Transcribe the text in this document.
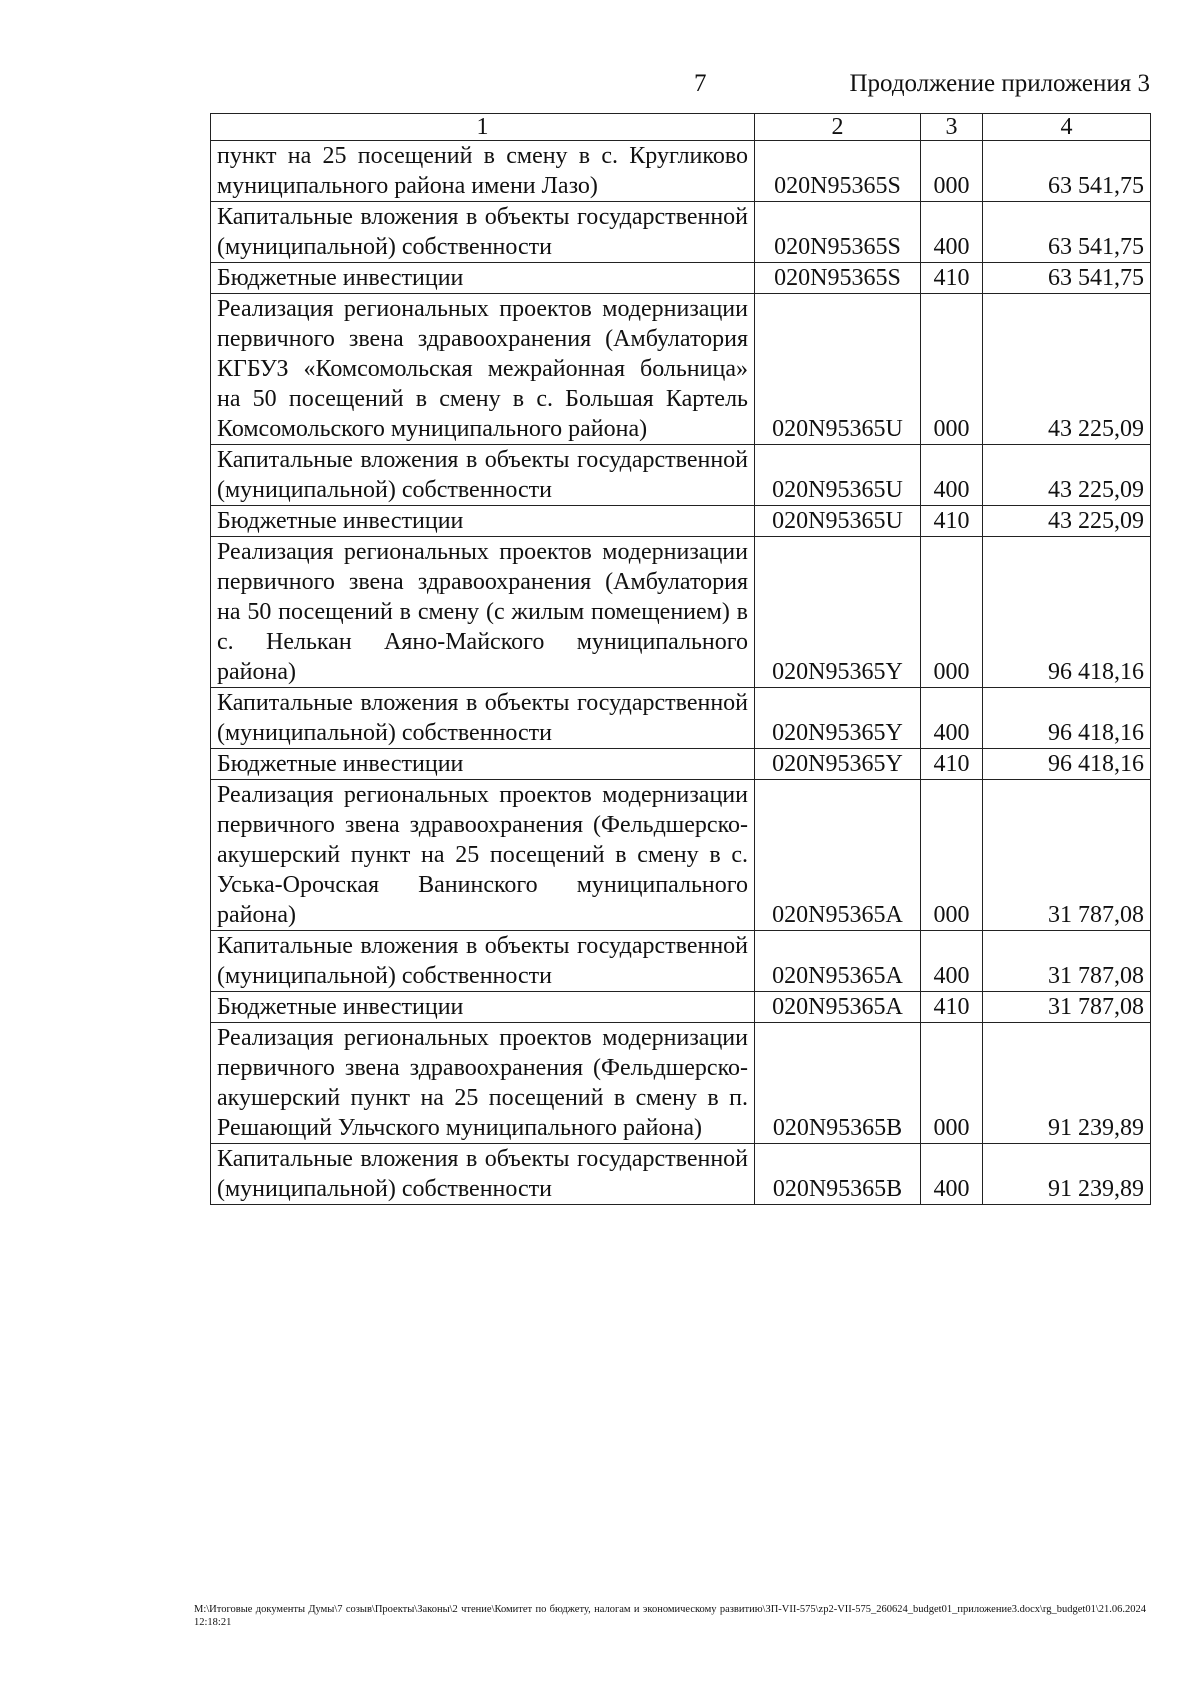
7	Продолжение приложения 3
1	2	3	4
пункт на 25 посещений в смену в с. Кругликово муниципального района имени Лазо)	020N95365S	000	63 541,75
Капитальные вложения в объекты государственной (муниципальной) собственности	020N95365S	400	63 541,75
Бюджетные инвестиции	020N95365S	410	63 541,75
Реализация региональных проектов модернизации первичного звена здравоохранения (Амбулатория КГБУЗ «Комсомольская межрайонная больница» на 50 посещений в смену в с. Большая Картель Комсомольского муниципального района)	020N95365U	000	43 225,09
Капитальные вложения в объекты государственной (муниципальной) собственности	020N95365U	400	43 225,09
Бюджетные инвестиции	020N95365U	410	43 225,09
Реализация региональных проектов модернизации первичного звена здравоохранения (Амбулатория на 50 посещений в смену (с жилым помещением) в с. Нелькан Аяно-Майского муниципального района)	020N95365Y	000	96 418,16
Капитальные вложения в объекты государственной (муниципальной) собственности	020N95365Y	400	96 418,16
Бюджетные инвестиции	020N95365Y	410	96 418,16
Реализация региональных проектов модернизации первичного звена здравоохранения (Фельдшерско-акушерский пункт на 25 посещений в смену в с. Уська-Орочская Ванинского муниципального района)	020N95365A	000	31 787,08
Капитальные вложения в объекты государственной (муниципальной) собственности	020N95365A	400	31 787,08
Бюджетные инвестиции	020N95365A	410	31 787,08
Реализация региональных проектов модернизации первичного звена здравоохранения (Фельдшерско-акушерский пункт на 25 посещений в смену в п. Решающий Ульчского муниципального района)	020N95365B	000	91 239,89
Капитальные вложения в объекты государственной (муниципальной) собственности	020N95365B	400	91 239,89
M:\Итоговые документы Думы\7 созыв\Проекты\Законы\2 чтение\Комитет по бюджету, налогам и экономическому развитию\ЗП-VII-575\zp2-VII-575_260624_budget01_приложение3.docx\rg_budget01\21.06.2024 12:18:21
